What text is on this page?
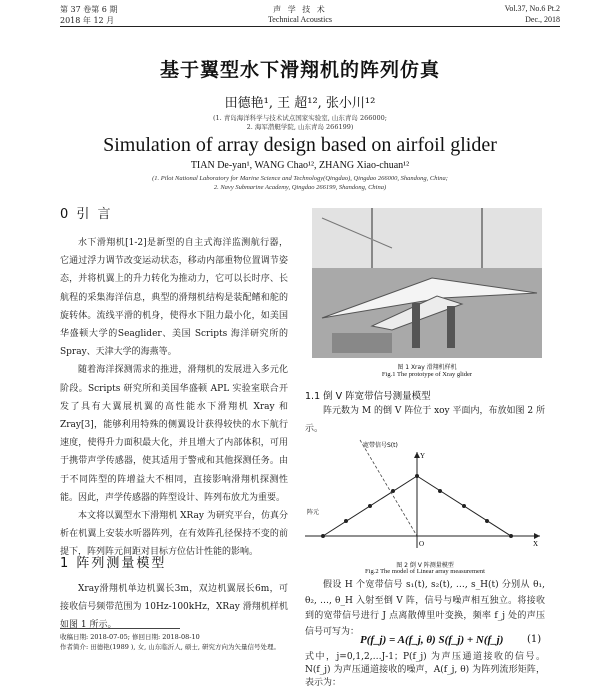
第 37 卷第 6 期
2018 年 12 月
声 学 技 术
Technical Acoustics
Vol.37, No.6 Pt.2
Dec., 2018
基于翼型水下滑翔机的阵列仿真
田德艳¹, 王 超¹², 张小川¹²
(1. 青岛海洋科学与技术试点国家实验室, 山东青岛 266000;
2. 海军潜艇学院, 山东青岛 266199)
Simulation of array design based on airfoil glider
TIAN De-yan¹, WANG Chao¹², ZHANG Xiao-chuan¹²
(1. Pilot National Laboratory for Marine Science and Technology(Qingdao), Qingdao 266000, Shandong, China;
2. Navy Submarine Academy, Qingdao 266199, Shandong, China)
0 引 言

水下滑翔机[1-2]是新型的自主式海洋监测航行器，它通过浮力调节改变运动状态，移动内部重物位置调节姿态，并将机翼上的升力转化为推动力，它可以长时序、长航程的采集海洋信息，典型的滑翔机结构是装配鳍和舵的旋转体。流线平滑的机身，使得水下阻力最小化，如美国华盛顿大学的Seaglider、美国 Scripts 海洋研究所的 Spray、天津大学的海燕等。

随着海洋探测需求的推进，滑翔机的发展进入多元化阶段。Scripts 研究所和美国华盛顿 APL 实验室联合开发了具有大翼展机翼的高性能水下滑翔机 Xray 和 Zray[3]，能够利用特殊的侧翼设计获得较快的水下航行速度，使得升力面积最大化，并且增大了内部体积，可用于携带声学传感器，使其适用于警戒和其他探测任务。由于不同阵型的阵增益大不相同，直接影响滑翔机探测性能。因此，声学传感器的阵型设计、阵列布放尤为重要。

本文将以翼型水下滑翔机 XRay 为研究平台，仿真分析在机翼上安装水听器阵列，在有效阵孔径保持不变的前提下，阵列阵元间距对目标方位估计性能的影响。

1 阵列测量模型

Xray滑翔机单边机翼长3m，双边机翼展长6m，可接收信号频带范围为 10Hz-100kHz，XRay 滑翔机样机如图 1 所示。

收稿日期: 2018-07-05; 修回日期: 2018-08-10
作者简介: 田德艳(1989 ), 女, 山东临沂人, 硕士, 研究方向为矢量信号处理。
图 1 Xray 滑翔机样机
Fig.1 The prototype of Xray glider
1.1 倒 V 阵宽带信号测量模型

阵元数为 M 的倒 V 阵位于 xoy 平面内，布放如图 2 所示。

宽带信号S(t)
Y
X
O
阵元
图 2 倒 V 阵测量模型
Fig.2 The model of Linear array measurement

假设 H 个宽带信号 s₁(t), s₂(t), …, s_H(t) 分别从 θ₁, θ₂, …, θ_H 入射至倒 V 阵，信号与噪声相互独立。将接收到的宽带信号进行 J 点离散傅里叶变换，频率 f_j 处的声压信号可写为：

P(f_j) = A(f_j, θ) S(f_j) + N(f_j) (1)

式中，j=0,1,2,…J-1；P(f_j) 为声压通道接收的信号。N(f_j) 为声压通道接收的噪声，A(f_j, θ) 为阵列流形矩阵，表示为：
